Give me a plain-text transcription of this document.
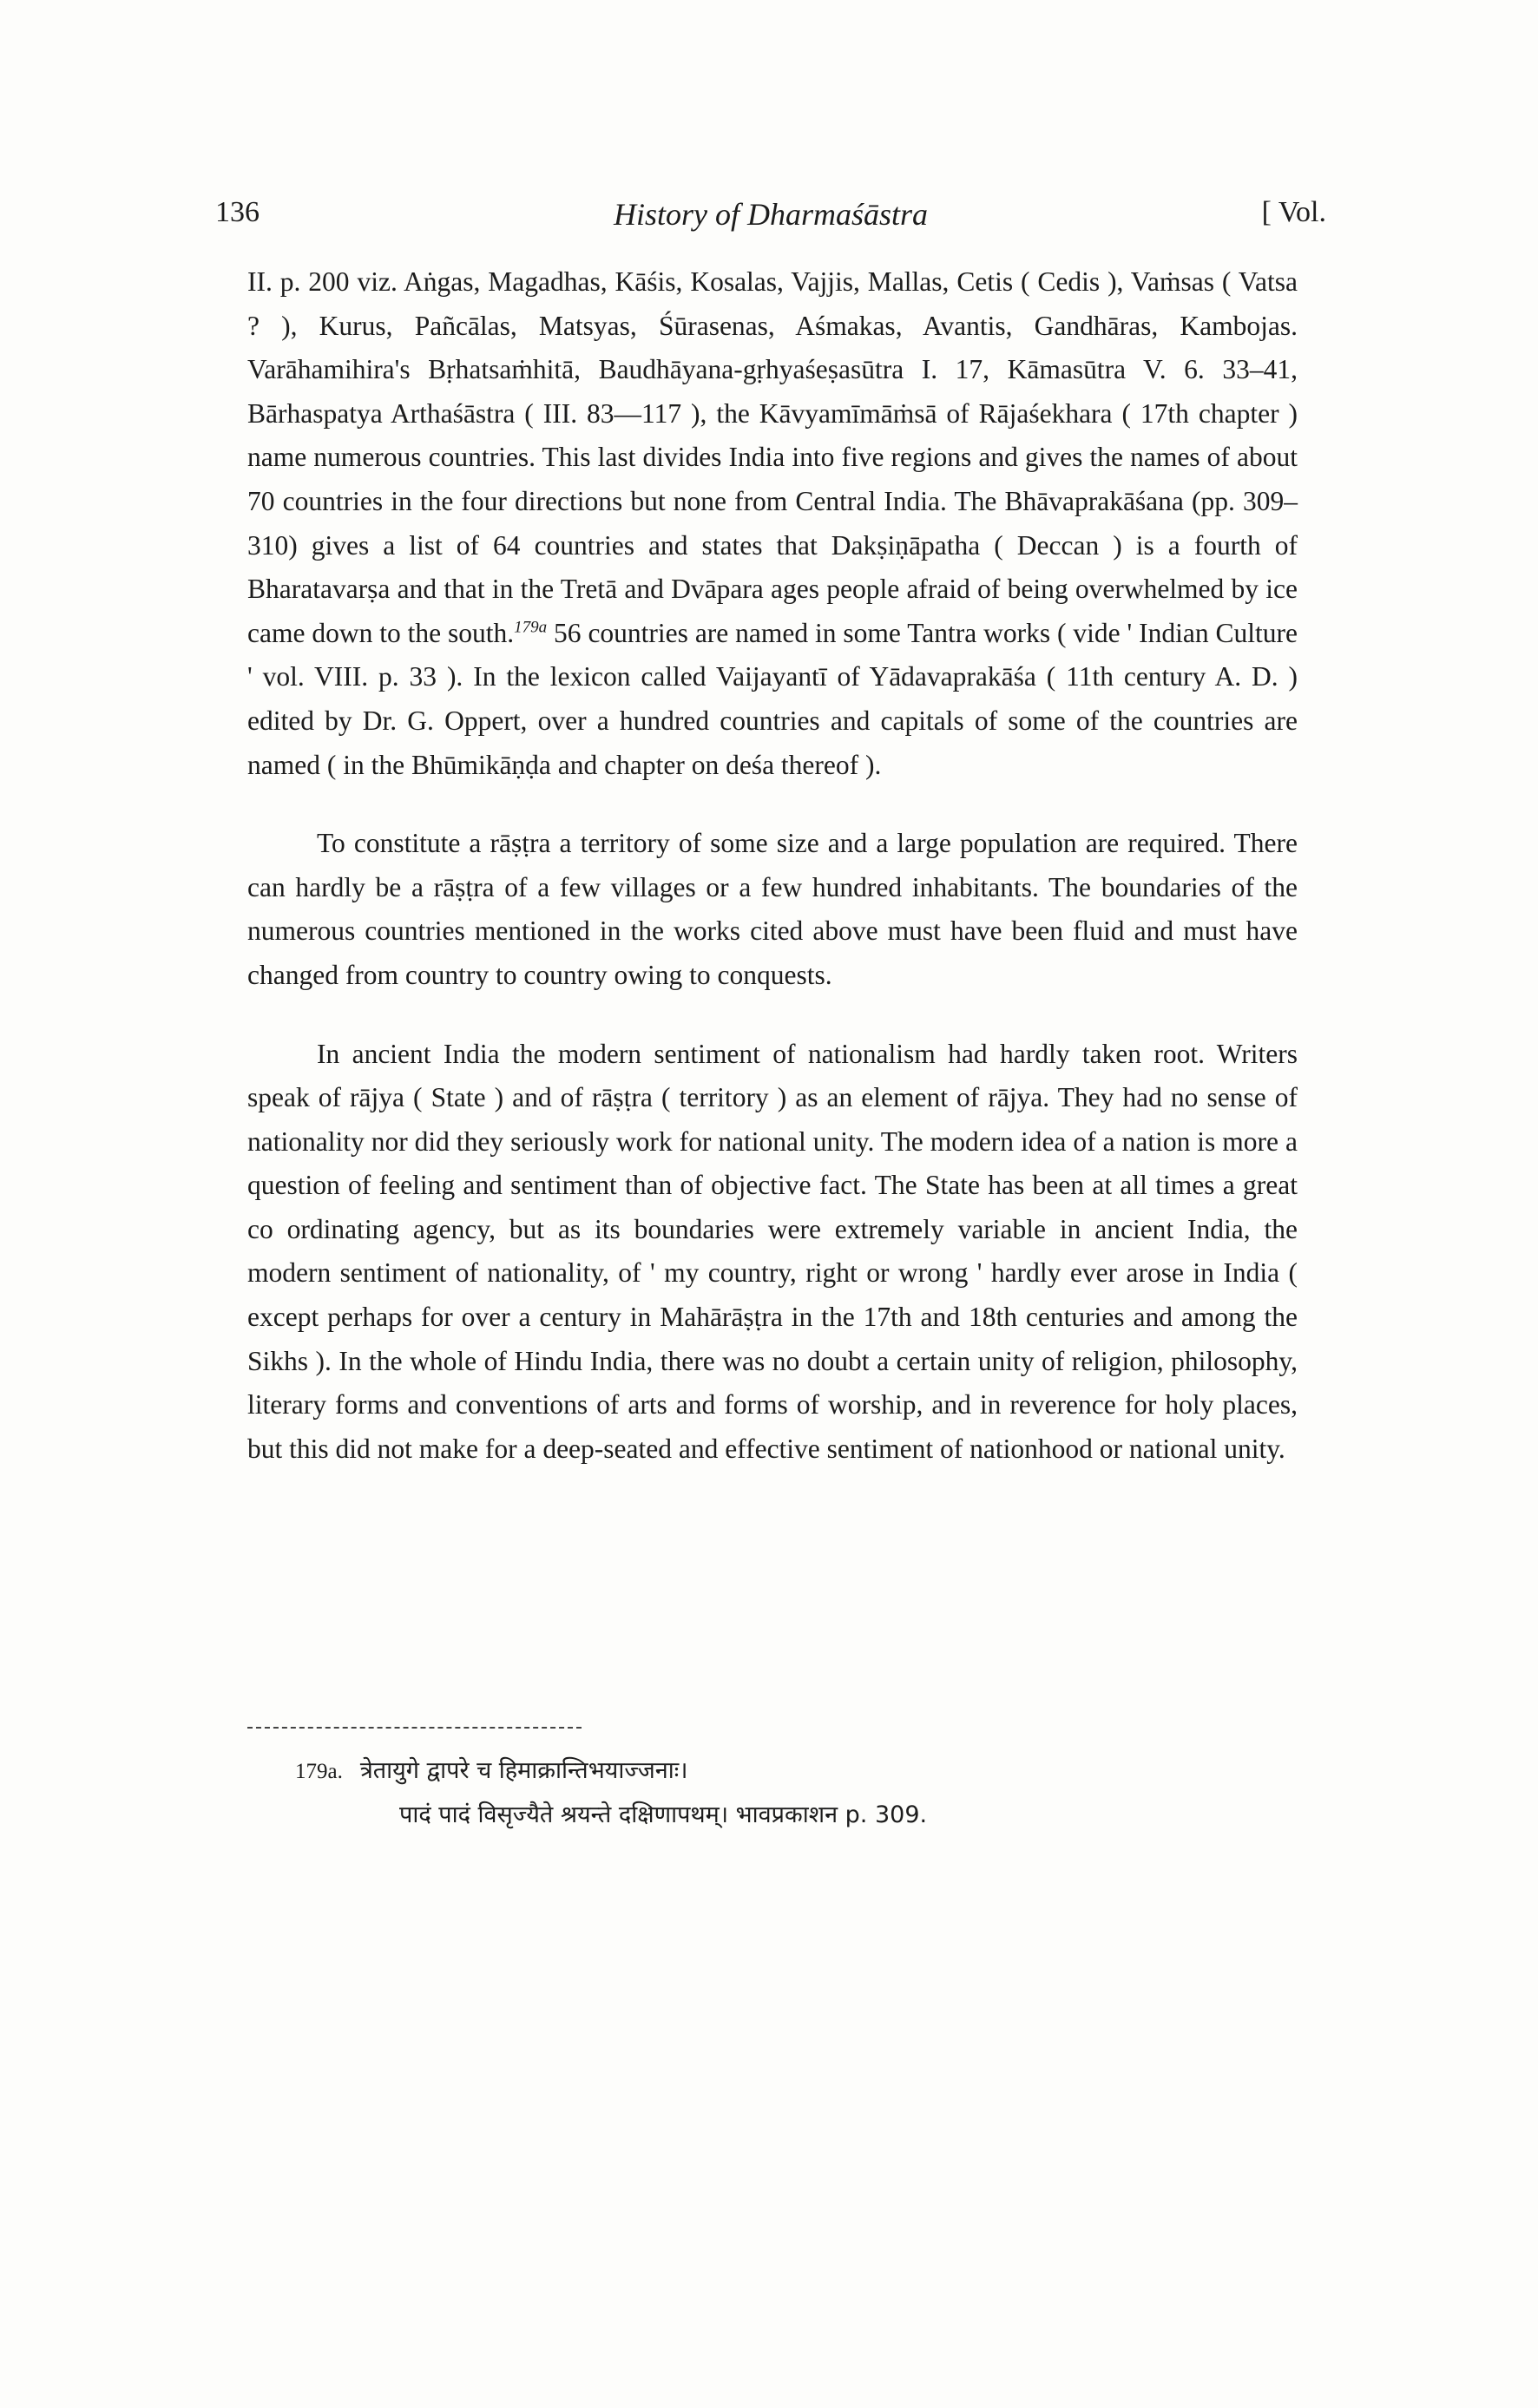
136	History of Dharmaśāstra	[ Vol.

II. p. 200 viz. Aṅgas, Magadhas, Kāśis, Kosalas, Vajjis, Mallas, Cetis ( Cedis ), Vaṁsas ( Vatsa ? ), Kurus, Pañcālas, Matsyas, Śūrasenas, Aśmakas, Avantis, Gandhāras, Kambojas. Varāhamihira's Bṛhatsaṁhitā, Baudhāyana-gṛhyaśeṣasūtra I. 17, Kāmasūtra V. 6. 33–41, Bārhaspatya Arthaśāstra ( III. 83—117 ), the Kāvyamīmāṁsā of Rājaśekhara ( 17th chapter ) name numerous countries. This last divides India into five regions and gives the names of about 70 countries in the four directions but none from Central India. The Bhāvaprakāśana (pp. 309–310) gives a list of 64 countries and states that Dakṣiṇāpatha ( Deccan ) is a fourth of Bharatavarṣa and that in the Tretā and Dvāpara ages people afraid of being overwhelmed by ice came down to the south.$^{179a}$ 56 countries are named in some Tantra works ( vide ' Indian Culture ' vol. VIII. p. 33 ). In the lexicon called Vaijayantī of Yādavaprakāśa ( 11th century A. D. ) edited by Dr. G. Oppert, over a hundred countries and capitals of some of the countries are named ( in the Bhūmikāṇḍa and chapter on deśa thereof ).

To constitute a rāṣṭra a territory of some size and a large population are required. There can hardly be a rāṣṭra of a few villages or a few hundred inhabitants. The boundaries of the numerous countries mentioned in the works cited above must have been fluid and must have changed from country to country owing to conquests.

In ancient India the modern sentiment of nationalism had hardly taken root. Writers speak of rājya ( State ) and of rāṣṭra ( territory ) as an element of rājya. They had no sense of nationality nor did they seriously work for national unity. The modern idea of a nation is more a question of feeling and sentiment than of objective fact. The State has been at all times a great co ordinating agency, but as its boundaries were extremely variable in ancient India, the modern sentiment of nationality, of ' my country, right or wrong ' hardly ever arose in India ( except perhaps for over a century in Mahārāṣṭra in the 17th and 18th centuries and among the Sikhs ). In the whole of Hindu India, there was no doubt a certain unity of religion, philosophy, literary forms and conventions of arts and forms of worship, and in reverence for holy places, but this did not make for a deep-seated and effective sentiment of nationhood or national unity.

179a. त्रेतायुगे द्वापरे च हिमाक्रान्तिभयाज्जनाः।
पादं पादं विसृज्यैते श्रयन्ते दक्षिणापथम्। भावप्रकाशन p. 309.
